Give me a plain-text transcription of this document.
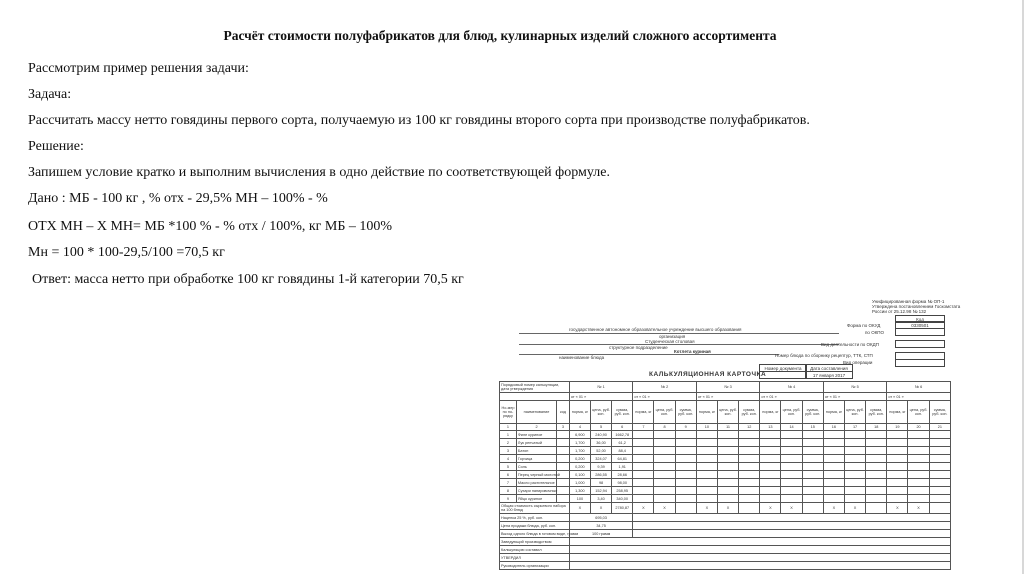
Расчёт стоимости полуфабрикатов для блюд, кулинарных изделий сложного ассортимента
Рассмотрим пример решения задачи:
Задача:
Рассчитать массу нетто говядины первого сорта, получаемую из 100 кг говядины второго сорта при производстве полуфабрикатов.
Решение:
Запишем условие кратко и выполним вычисления в одно действие по соответствующей формуле.
Дано : МБ - 100 кг , % отх - 29,5% МН – 100% - %
ОТХ МН – X МН= МБ *100 % - % отх / 100%, кг МБ – 100%
Мн = 100 * 100-29,5/100 =70,5 кг
Ответ: масса нетто при обработке 100 кг говядины 1-й категории 70,5 кг
Унифицированная форма № ОП-1
Утверждена постановлением Госкомстата
России от 25.12.98 № 132
Код
Форма по ОКУД	0330501
по ОКПО
государственное автономное образовательное учреждение высшего образования
организация
Студенческая столовая
структурное подразделение
Вид деятельности по ОКДП
Котлета куриная
наименование блюда	Номер блюда по сборнику рецептур, ТТК, СТП
Вид операции
Номер документа	Дата составления
17 января 2017
КАЛЬКУЛЯЦИОННАЯ КАРТОЧКА
Порядковый номер калькуляции, дата утверждения			№ 1			№ 2			№ 3			№ 4			№ 5			№ 6		
			от « 01 »			от « 01 »			от « 01 »			от « 01 »			от « 01 »			от « 01 »		
Но-мер по по-рядку	наименование	код	норма, кг	цена, руб. коп.	сумма, руб. коп.	норма, кг	цена, руб. коп.	сумма, руб. коп.	норма, кг	цена, руб. коп.	сумма, руб. коп.	норма, кг	цена, руб. коп.	сумма, руб. коп.	норма, кг	цена, руб. коп.	сумма, руб. коп.	норма, кг	цена, руб. коп.	сумма, руб. коп.
1	2	3	4	5	6	7	8	9	10	11	12	13	14	15	16	17	18	19	20	21
1	Филе куриное		6,900	240,90	1662,78															
2	Лук репчатый		1,700	36,00	61,2															
3	Батон		1,700	52,00	88,4															
4	Горчица		0,200	324,07	64,81															
5	Соль		0,200	9,39	1,91															
6	Перец черный молотый		0,100	286,55	28,66															
7	Масло растительное		1,000	98	98,00															
8	Сухари панировочные		1,300	152,94	258,95															
9	Яйцо куриное		100	3,40	340,00															
Общая стоимость сырьевого набора на 100 блюд			X	X	2780,87	X	X		X	X		X	X		X	X		X	X	
Наценка 25 %, руб. коп.			695,03																	
Цена продажи блюда, руб. коп.			34,75																	
Выход одного блюда в готовом виде, грамм			100 грамм																	
Заведующий производством																				
Калькуляцию составил																				
УТВЕРДИЛ																				
Руководитель организации																				
